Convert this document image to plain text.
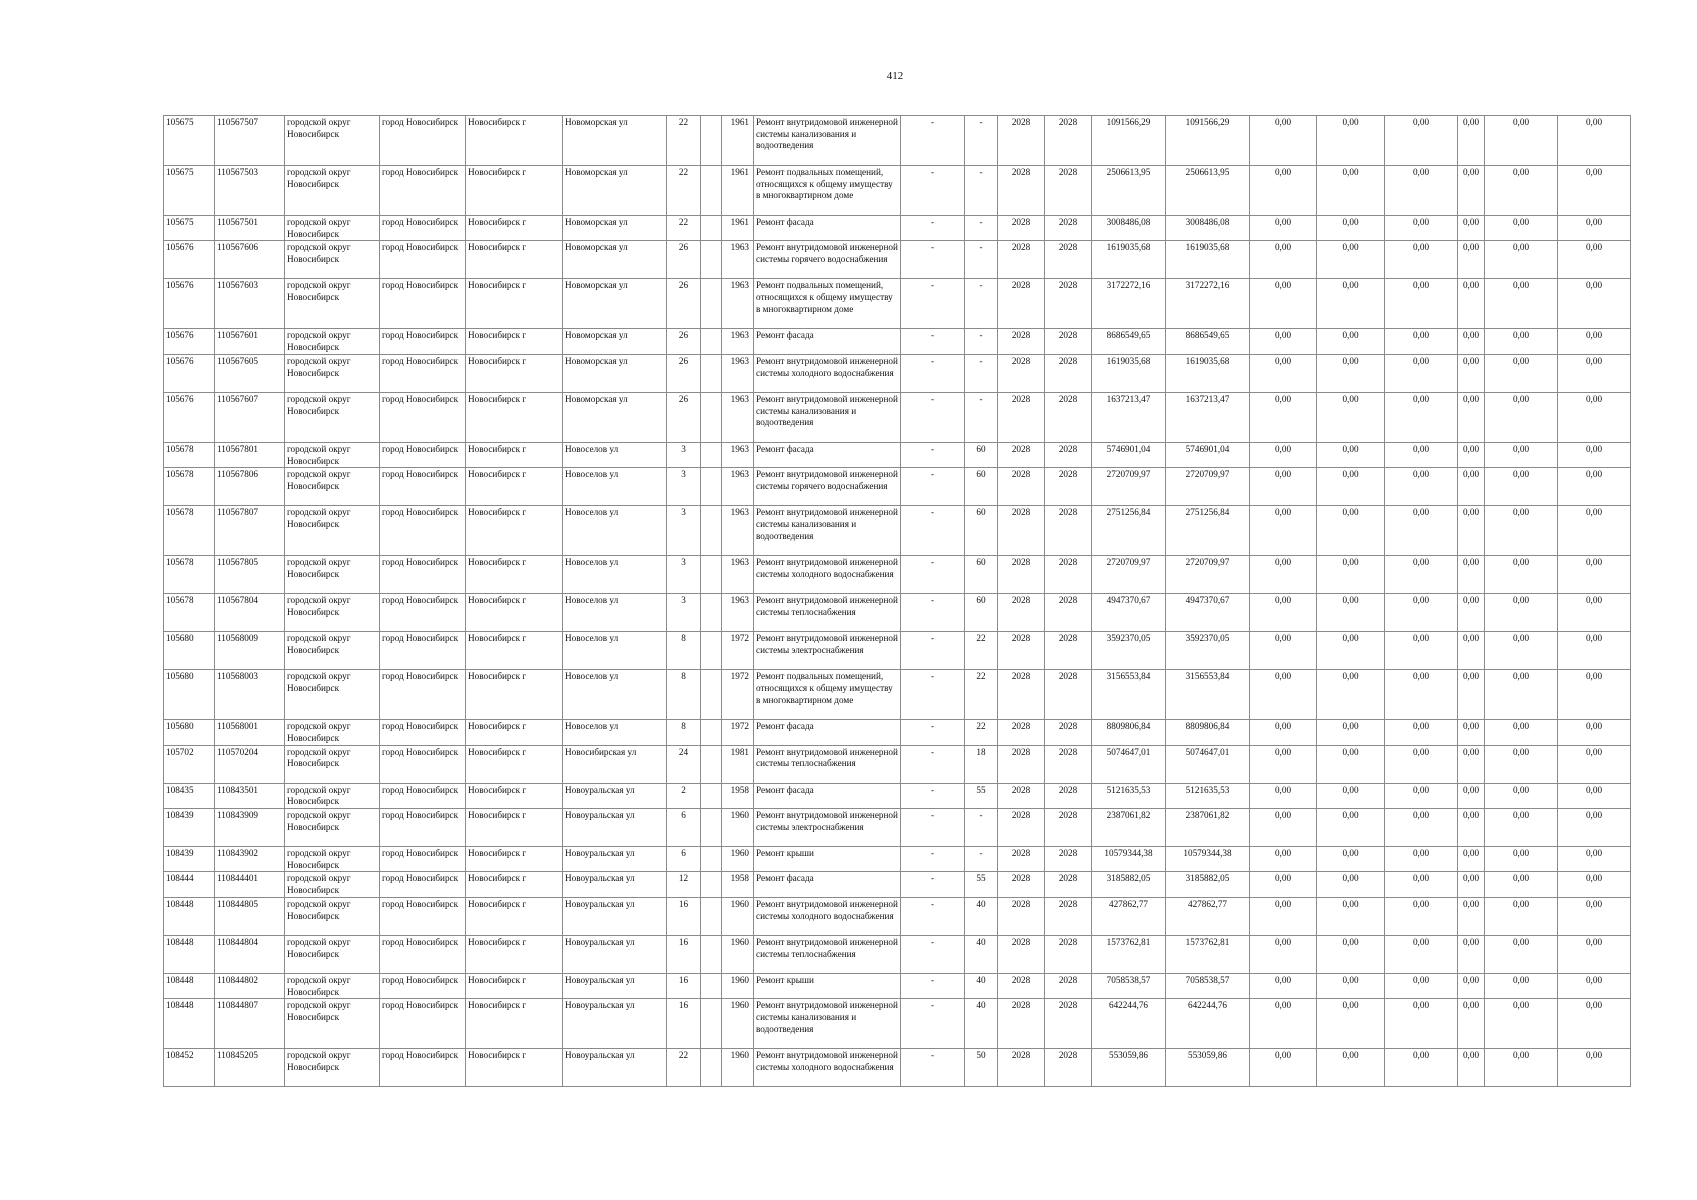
412
105675	110567507	городской округ Новосибирск	город Новосибирск	Новосибирск г	Новоморская ул	22		1961	Ремонт внутридомовой инженерной системы канализования и водоотведения	-	-	2028	2028	1091566,29	1091566,29	0,00	0,00	0,00	0,00	0,00	0,00
105675	110567503	городской округ Новосибирск	город Новосибирск	Новосибирск г	Новоморская ул	22		1961	Ремонт подвальных помещений, относящихся к общему имуществу в многоквартирном доме	-	-	2028	2028	2506613,95	2506613,95	0,00	0,00	0,00	0,00	0,00	0,00
105675	110567501	городской округ Новосибирск	город Новосибирск	Новосибирск г	Новоморская ул	22		1961	Ремонт фасада	-	-	2028	2028	3008486,08	3008486,08	0,00	0,00	0,00	0,00	0,00	0,00
105676	110567606	городской округ Новосибирск	город Новосибирск	Новосибирск г	Новоморская ул	26		1963	Ремонт внутридомовой инженерной системы горячего водоснабжения	-	-	2028	2028	1619035,68	1619035,68	0,00	0,00	0,00	0,00	0,00	0,00
105676	110567603	городской округ Новосибирск	город Новосибирск	Новосибирск г	Новоморская ул	26		1963	Ремонт подвальных помещений, относящихся к общему имуществу в многоквартирном доме	-	-	2028	2028	3172272,16	3172272,16	0,00	0,00	0,00	0,00	0,00	0,00
105676	110567601	городской округ Новосибирск	город Новосибирск	Новосибирск г	Новоморская ул	26		1963	Ремонт фасада	-	-	2028	2028	8686549,65	8686549,65	0,00	0,00	0,00	0,00	0,00	0,00
105676	110567605	городской округ Новосибирск	город Новосибирск	Новосибирск г	Новоморская ул	26		1963	Ремонт внутридомовой инженерной системы холодного водоснабжения	-	-	2028	2028	1619035,68	1619035,68	0,00	0,00	0,00	0,00	0,00	0,00
105676	110567607	городской округ Новосибирск	город Новосибирск	Новосибирск г	Новоморская ул	26		1963	Ремонт внутридомовой инженерной системы канализования и водоотведения	-	-	2028	2028	1637213,47	1637213,47	0,00	0,00	0,00	0,00	0,00	0,00
105678	110567801	городской округ Новосибирск	город Новосибирск	Новосибирск г	Новоселов ул	3		1963	Ремонт фасада	-	60	2028	2028	5746901,04	5746901,04	0,00	0,00	0,00	0,00	0,00	0,00
105678	110567806	городской округ Новосибирск	город Новосибирск	Новосибирск г	Новоселов ул	3		1963	Ремонт внутридомовой инженерной системы горячего водоснабжения	-	60	2028	2028	2720709,97	2720709,97	0,00	0,00	0,00	0,00	0,00	0,00
105678	110567807	городской округ Новосибирск	город Новосибирск	Новосибирск г	Новоселов ул	3		1963	Ремонт внутридомовой инженерной системы канализования и водоотведения	-	60	2028	2028	2751256,84	2751256,84	0,00	0,00	0,00	0,00	0,00	0,00
105678	110567805	городской округ Новосибирск	город Новосибирск	Новосибирск г	Новоселов ул	3		1963	Ремонт внутридомовой инженерной системы холодного водоснабжения	-	60	2028	2028	2720709,97	2720709,97	0,00	0,00	0,00	0,00	0,00	0,00
105678	110567804	городской округ Новосибирск	город Новосибирск	Новосибирск г	Новоселов ул	3		1963	Ремонт внутридомовой инженерной системы теплоснабжения	-	60	2028	2028	4947370,67	4947370,67	0,00	0,00	0,00	0,00	0,00	0,00
105680	110568009	городской округ Новосибирск	город Новосибирск	Новосибирск г	Новоселов ул	8		1972	Ремонт внутридомовой инженерной системы электроснабжения	-	22	2028	2028	3592370,05	3592370,05	0,00	0,00	0,00	0,00	0,00	0,00
105680	110568003	городской округ Новосибирск	город Новосибирск	Новосибирск г	Новоселов ул	8		1972	Ремонт подвальных помещений, относящихся к общему имуществу в многоквартирном доме	-	22	2028	2028	3156553,84	3156553,84	0,00	0,00	0,00	0,00	0,00	0,00
105680	110568001	городской округ Новосибирск	город Новосибирск	Новосибирск г	Новоселов ул	8		1972	Ремонт фасада	-	22	2028	2028	8809806,84	8809806,84	0,00	0,00	0,00	0,00	0,00	0,00
105702	110570204	городской округ Новосибирск	город Новосибирск	Новосибирск г	Новосибирская ул	24		1981	Ремонт внутридомовой инженерной системы теплоснабжения	-	18	2028	2028	5074647,01	5074647,01	0,00	0,00	0,00	0,00	0,00	0,00
108435	110843501	городской округ Новосибирск	город Новосибирск	Новосибирск г	Новоуральская ул	2		1958	Ремонт фасада	-	55	2028	2028	5121635,53	5121635,53	0,00	0,00	0,00	0,00	0,00	0,00
108439	110843909	городской округ Новосибирск	город Новосибирск	Новосибирск г	Новоуральская ул	6		1960	Ремонт внутридомовой инженерной системы электроснабжения	-	-	2028	2028	2387061,82	2387061,82	0,00	0,00	0,00	0,00	0,00	0,00
108439	110843902	городской округ Новосибирск	город Новосибирск	Новосибирск г	Новоуральская ул	6		1960	Ремонт крыши	-	-	2028	2028	10579344,38	10579344,38	0,00	0,00	0,00	0,00	0,00	0,00
108444	110844401	городской округ Новосибирск	город Новосибирск	Новосибирск г	Новоуральская ул	12		1958	Ремонт фасада	-	55	2028	2028	3185882,05	3185882,05	0,00	0,00	0,00	0,00	0,00	0,00
108448	110844805	городской округ Новосибирск	город Новосибирск	Новосибирск г	Новоуральская ул	16		1960	Ремонт внутридомовой инженерной системы холодного водоснабжения	-	40	2028	2028	427862,77	427862,77	0,00	0,00	0,00	0,00	0,00	0,00
108448	110844804	городской округ Новосибирск	город Новосибирск	Новосибирск г	Новоуральская ул	16		1960	Ремонт внутридомовой инженерной системы теплоснабжения	-	40	2028	2028	1573762,81	1573762,81	0,00	0,00	0,00	0,00	0,00	0,00
108448	110844802	городской округ Новосибирск	город Новосибирск	Новосибирск г	Новоуральская ул	16		1960	Ремонт крыши	-	40	2028	2028	7058538,57	7058538,57	0,00	0,00	0,00	0,00	0,00	0,00
108448	110844807	городской округ Новосибирск	город Новосибирск	Новосибирск г	Новоуральская ул	16		1960	Ремонт внутридомовой инженерной системы канализования и водоотведения	-	40	2028	2028	642244,76	642244,76	0,00	0,00	0,00	0,00	0,00	0,00
108452	110845205	городской округ Новосибирск	город Новосибирск	Новосибирск г	Новоуральская ул	22		1960	Ремонт внутридомовой инженерной системы холодного водоснабжения	-	50	2028	2028	553059,86	553059,86	0,00	0,00	0,00	0,00	0,00	0,00
